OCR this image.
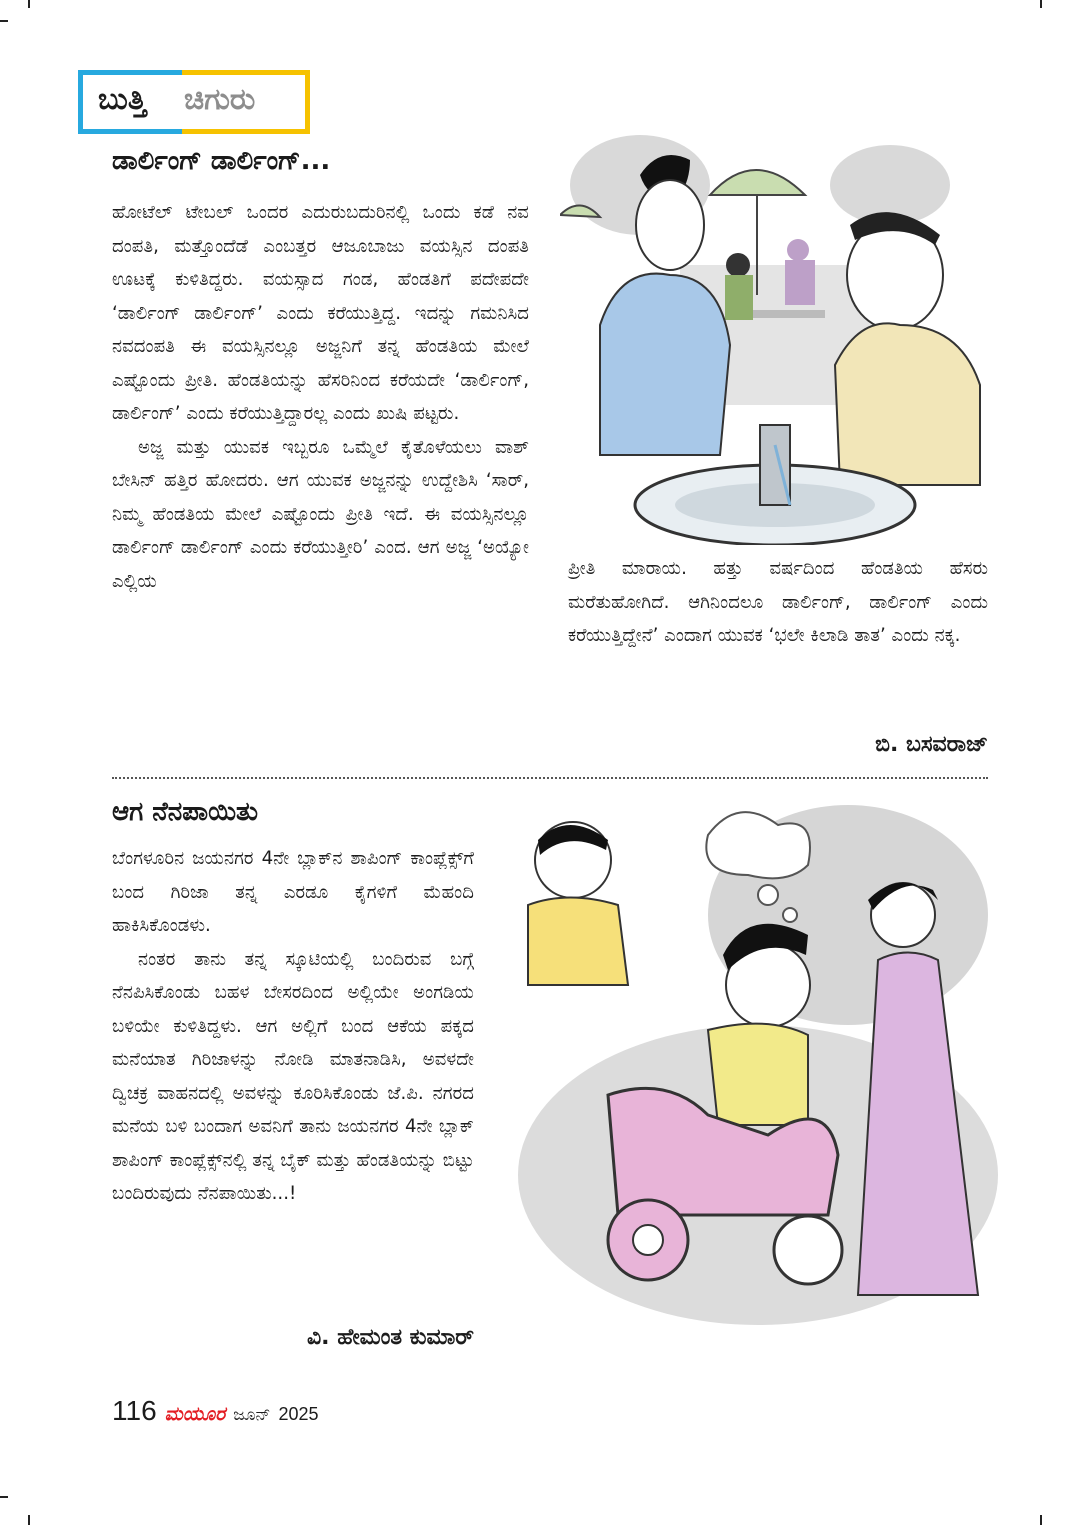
ಬುತ್ತಿ ಚಿಗುರು
ಡಾರ್ಲಿಂಗ್ ಡಾರ್ಲಿಂಗ್...

ಹೋಟೆಲ್ ಟೇಬಲ್ ಒಂದರ ಎದುರುಬದುರಿನಲ್ಲಿ ಒಂದು ಕಡೆ ನವ ದಂಪತಿ, ಮತ್ತೊಂದೆಡೆ ಎಂಬತ್ತರ ಆಜೂಬಾಜು ವಯಸ್ಸಿನ ದಂಪತಿ ಊಟಕ್ಕೆ ಕುಳಿತಿದ್ದರು. ವಯಸ್ಸಾದ ಗಂಡ, ಹೆಂಡತಿಗೆ ಪದೇಪದೇ ‘ಡಾರ್ಲಿಂಗ್ ಡಾರ್ಲಿಂಗ್’ ಎಂದು ಕರೆಯುತ್ತಿದ್ದ. ಇದನ್ನು ಗಮನಿಸಿದ ನವದಂಪತಿ ಈ ವಯಸ್ಸಿನಲ್ಲೂ ಅಜ್ಜನಿಗೆ ತನ್ನ ಹೆಂಡತಿಯ ಮೇಲೆ ಎಷ್ಟೊಂದು ಪ್ರೀತಿ. ಹೆಂಡತಿಯನ್ನು ಹೆಸರಿನಿಂದ ಕರೆಯದೇ ‘ಡಾರ್ಲಿಂಗ್, ಡಾರ್ಲಿಂಗ್’ ಎಂದು ಕರೆಯುತ್ತಿದ್ದಾರಲ್ಲ ಎಂದು ಖುಷಿ ಪಟ್ಟರು.

ಅಜ್ಜ ಮತ್ತು ಯುವಕ ಇಬ್ಬರೂ ಒಮ್ಮೆಲೆ ಕೈತೊಳೆಯಲು ವಾಶ್ ಬೇಸಿನ್ ಹತ್ತಿರ ಹೋದರು. ಆಗ ಯುವಕ ಅಜ್ಜನನ್ನು ಉದ್ದೇಶಿಸಿ ‘ಸಾರ್, ನಿಮ್ಮ ಹೆಂಡತಿಯ ಮೇಲೆ ಎಷ್ಟೊಂದು ಪ್ರೀತಿ ಇದೆ. ಈ ವಯಸ್ಸಿನಲ್ಲೂ ಡಾರ್ಲಿಂಗ್ ಡಾರ್ಲಿಂಗ್ ಎಂದು ಕರೆಯುತ್ತೀರಿ’ ಎಂದ. ಆಗ ಅಜ್ಜ ‘ಅಯ್ಯೋ ಎಲ್ಲಿಯ

ಪ್ರೀತಿ ಮಾರಾಯ. ಹತ್ತು ವರ್ಷದಿಂದ ಹೆಂಡತಿಯ ಹೆಸರು ಮರೆತುಹೋಗಿದೆ. ಆಗಿನಿಂದಲೂ ಡಾರ್ಲಿಂಗ್, ಡಾರ್ಲಿಂಗ್ ಎಂದು ಕರೆಯುತ್ತಿದ್ದೇನೆ’ ಎಂದಾಗ ಯುವಕ ‘ಭಲೇ ಕಿಲಾಡಿ ತಾತ’ ಎಂದು ನಕ್ಕ.

ಬಿ. ಬಸವರಾಜ್
ಆಗ ನೆನಪಾಯಿತು

ಬೆಂಗಳೂರಿನ ಜಯನಗರ 4ನೇ ಬ್ಲಾಕ್‌ನ ಶಾಪಿಂಗ್ ಕಾಂಪ್ಲೆಕ್ಸ್‌ಗೆ ಬಂದ ಗಿರಿಜಾ ತನ್ನ ಎರಡೂ ಕೈಗಳಿಗೆ ಮೆಹಂದಿ ಹಾಕಿಸಿಕೊಂಡಳು.

ನಂತರ ತಾನು ತನ್ನ ಸ್ಕೂಟಿಯಲ್ಲಿ ಬಂದಿರುವ ಬಗ್ಗೆ ನೆನಪಿಸಿಕೊಂಡು ಬಹಳ ಬೇಸರದಿಂದ ಅಲ್ಲಿಯೇ ಅಂಗಡಿಯ ಬಳಿಯೇ ಕುಳಿತಿದ್ದಳು. ಆಗ ಅಲ್ಲಿಗೆ ಬಂದ ಆಕೆಯ ಪಕ್ಕದ ಮನೆಯಾತ ಗಿರಿಜಾಳನ್ನು ನೋಡಿ ಮಾತನಾಡಿಸಿ, ಅವಳದೇ ದ್ವಿಚಕ್ರ ವಾಹನದಲ್ಲಿ ಅವಳನ್ನು ಕೂರಿಸಿಕೊಂಡು ಜೆ.ಪಿ. ನಗರದ ಮನೆಯ ಬಳಿ ಬಂದಾಗ ಅವನಿಗೆ ತಾನು ಜಯನಗರ 4ನೇ ಬ್ಲಾಕ್ ಶಾಪಿಂಗ್ ಕಾಂಪ್ಲೆಕ್ಸ್‌ನಲ್ಲಿ ತನ್ನ ಬೈಕ್ ಮತ್ತು ಹೆಂಡತಿಯನ್ನು ಬಿಟ್ಟು ಬಂದಿರುವುದು ನೆನಪಾಯಿತು...!

ವಿ. ಹೇಮಂತ ಕುಮಾರ್
116 ಮಯೂರ ಜೂನ್ 2025
